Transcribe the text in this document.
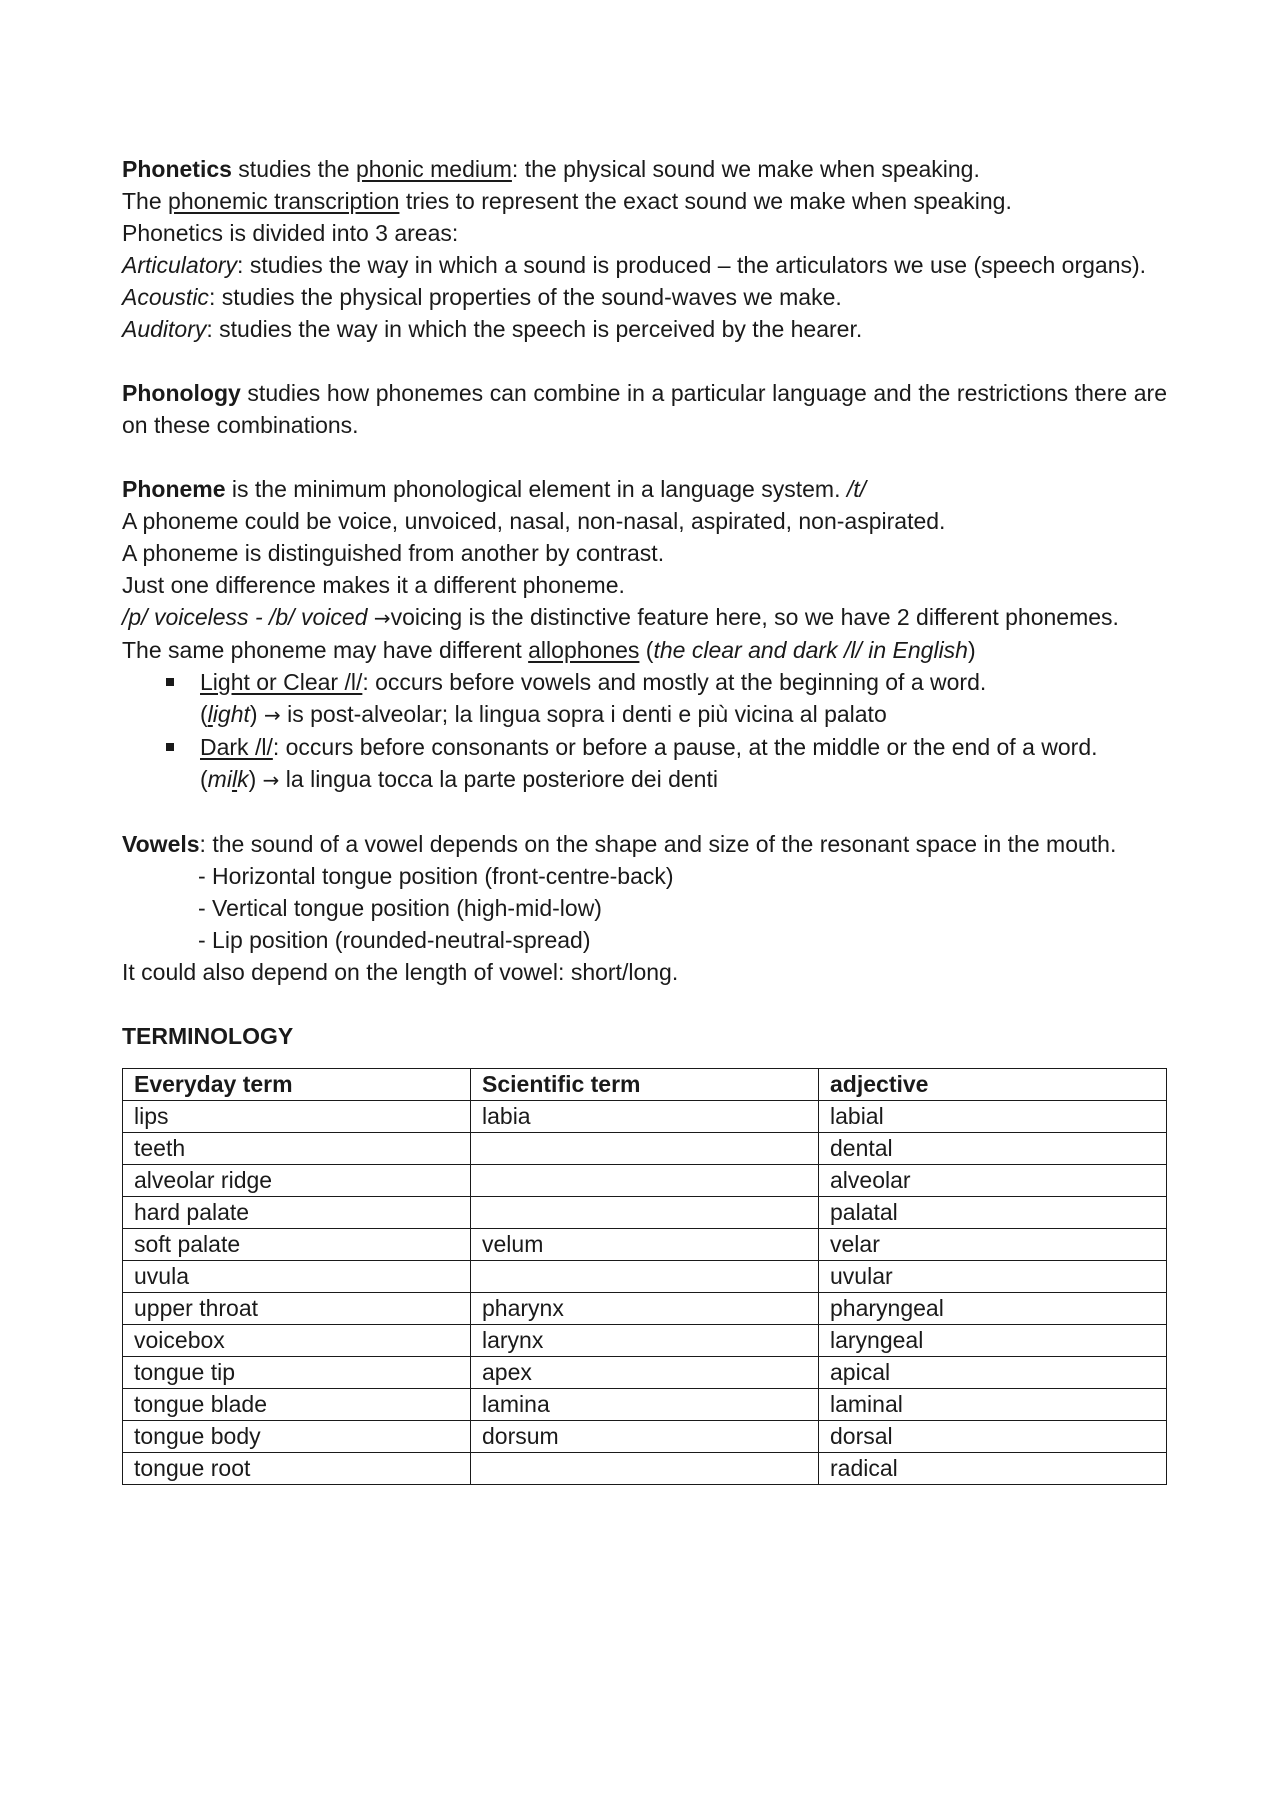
Phonetics studies the phonic medium: the physical sound we make when speaking.

The phonemic transcription tries to represent the exact sound we make when speaking.

Phonetics is divided into 3 areas:

Articulatory: studies the way in which a sound is produced – the articulators we use (speech organs).

Acoustic: studies the physical properties of the sound-waves we make.

Auditory: studies the way in which the speech is perceived by the hearer.

Phonology studies how phonemes can combine in a particular language and the restrictions there are on these combinations.

Phoneme is the minimum phonological element in a language system. /t/

A phoneme could be voice, unvoiced, nasal, non-nasal, aspirated, non-aspirated.

A phoneme is distinguished from another by contrast.

Just one difference makes it a different phoneme.

/p/ voiceless - /b/ voiced →voicing is the distinctive feature here, so we have 2 different phonemes.

The same phoneme may have different allophones (the clear and dark /l/ in English)

Light or Clear /l/: occurs before vowels and mostly at the beginning of a word.
(light) → is post-alveolar; la lingua sopra i denti e più vicina al palato
Dark /l/: occurs before consonants or before a pause, at the middle or the end of a word.
(milk) → la lingua tocca la parte posteriore dei denti

Vowels: the sound of a vowel depends on the shape and size of the resonant space in the mouth.

- Horizontal tongue position (front-centre-back)

- Vertical tongue position (high-mid-low)

- Lip position (rounded-neutral-spread)

It could also depend on the length of vowel: short/long.

TERMINOLOGY

Everyday term	Scientific term	adjective
lips	labia	labial
teeth		dental
alveolar ridge		alveolar
hard palate		palatal
soft palate	velum	velar
uvula		uvular
upper throat	pharynx	pharyngeal
voicebox	larynx	laryngeal
tongue tip	apex	apical
tongue blade	lamina	laminal
tongue body	dorsum	dorsal
tongue root		radical
